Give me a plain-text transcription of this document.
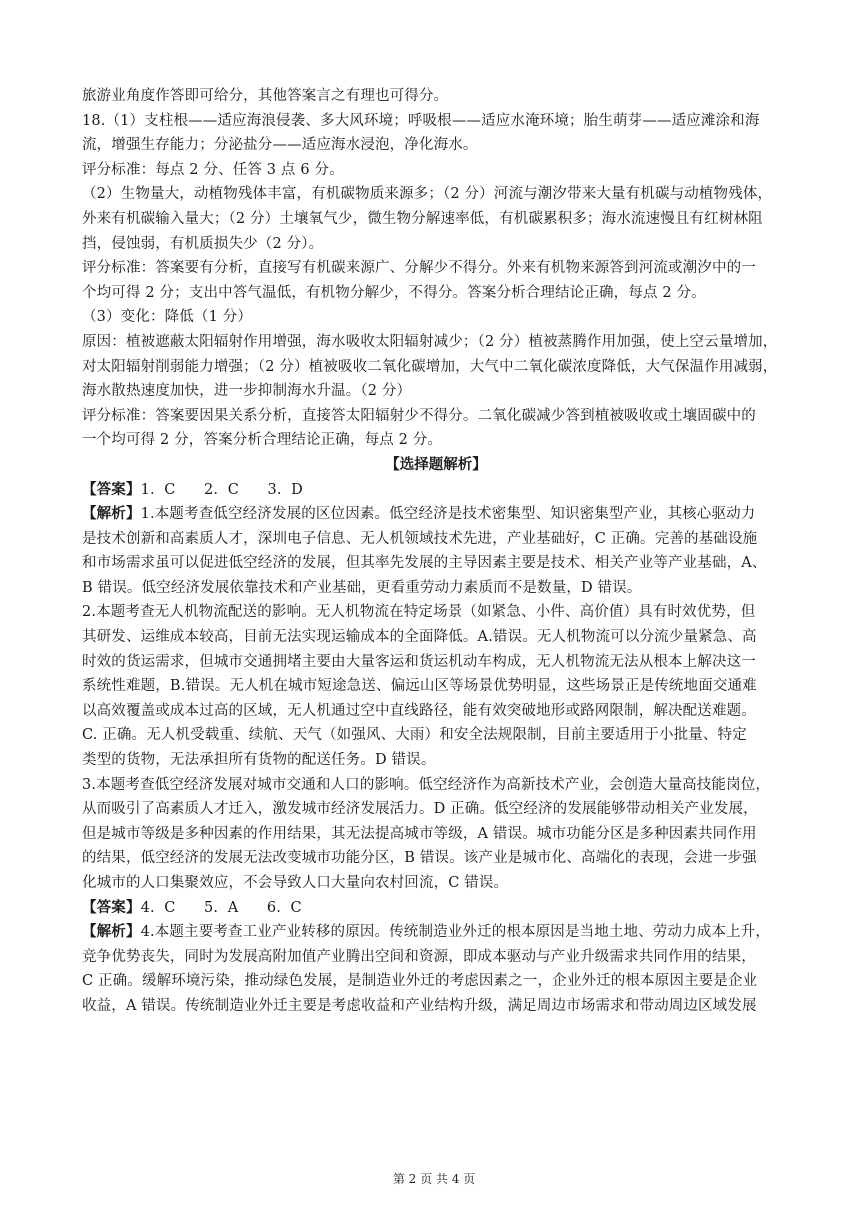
旅游业角度作答即可给分，其他答案言之有理也可得分。
18.（1）支柱根——适应海浪侵袭、多大风环境；呼吸根——适应水淹环境；胎生萌芽——适应滩涂和海
流，增强生存能力；分泌盐分——适应海水浸泡，净化海水。
评分标准：每点 2 分、任答 3 点 6 分。
（2）生物量大，动植物残体丰富，有机碳物质来源多；（2 分）河流与潮汐带来大量有机碳与动植物残体，
外来有机碳输入量大；（2 分）土壤氧气少，微生物分解速率低，有机碳累积多；海水流速慢且有红树林阻
挡，侵蚀弱，有机质损失少（2 分）。
评分标准：答案要有分析，直接写有机碳来源广、分解少不得分。外来有机物来源答到河流或潮汐中的一
个均可得 2 分；支出中答气温低，有机物分解少，不得分。答案分析合理结论正确，每点 2 分。
（3）变化：降低（1 分）
原因：植被遮蔽太阳辐射作用增强，海水吸收太阳辐射减少；（2 分）植被蒸腾作用加强，使上空云量增加，
对太阳辐射削弱能力增强；（2 分）植被吸收二氧化碳增加，大气中二氧化碳浓度降低，大气保温作用减弱，
海水散热速度加快，进一步抑制海水升温。（2 分）
评分标准：答案要因果关系分析，直接答太阳辐射少不得分。二氧化碳减少答到植被吸收或土壤固碳中的
一个均可得 2 分，答案分析合理结论正确，每点 2 分。
【选择题解析】
【答案】1.  C      2.  C      3.  D
【解析】1.本题考查低空经济发展的区位因素。低空经济是技术密集型、知识密集型产业，其核心驱动力
是技术创新和高素质人才，深圳电子信息、无人机领域技术先进，产业基础好，C 正确。完善的基础设施
和市场需求虽可以促进低空经济的发展，但其率先发展的主导因素主要是技术、相关产业等产业基础，A、
B 错误。低空经济发展依靠技术和产业基础，更看重劳动力素质而不是数量，D 错误。
2.本题考查无人机物流配送的影响。无人机物流在特定场景（如紧急、小件、高价值）具有时效优势，但
其研发、运维成本较高，目前无法实现运输成本的全面降低。A.错误。无人机物流可以分流少量紧急、高
时效的货运需求，但城市交通拥堵主要由大量客运和货运机动车构成，无人机物流无法从根本上解决这一
系统性难题，B.错误。无人机在城市短途急送、偏远山区等场景优势明显，这些场景正是传统地面交通难
以高效覆盖或成本过高的区域，无人机通过空中直线路径，能有效突破地形或路网限制，解决配送难题。
C. 正确。无人机受载重、续航、天气（如强风、大雨）和安全法规限制，目前主要适用于小批量、特定
类型的货物，无法承担所有货物的配送任务。D 错误。
3.本题考查低空经济发展对城市交通和人口的影响。低空经济作为高新技术产业，会创造大量高技能岗位，
从而吸引了高素质人才迁入，激发城市经济发展活力。D 正确。低空经济的发展能够带动相关产业发展，
但是城市等级是多种因素的作用结果，其无法提高城市等级，A 错误。城市功能分区是多种因素共同作用
的结果，低空经济的发展无法改变城市功能分区，B 错误。该产业是城市化、高端化的表现，会进一步强
化城市的人口集聚效应，不会导致人口大量向农村回流，C 错误。
【答案】4.  C      5.  A      6.  C
【解析】4.本题主要考查工业产业转移的原因。传统制造业外迁的根本原因是当地土地、劳动力成本上升，
竞争优势丧失，同时为发展高附加值产业腾出空间和资源，即成本驱动与产业升级需求共同作用的结果，
C 正确。缓解环境污染，推动绿色发展，是制造业外迁的考虑因素之一，企业外迁的根本原因主要是企业
收益，A 错误。传统制造业外迁主要是考虑收益和产业结构升级，满足周边市场需求和带动周边区域发展
第 2 页 共 4 页
